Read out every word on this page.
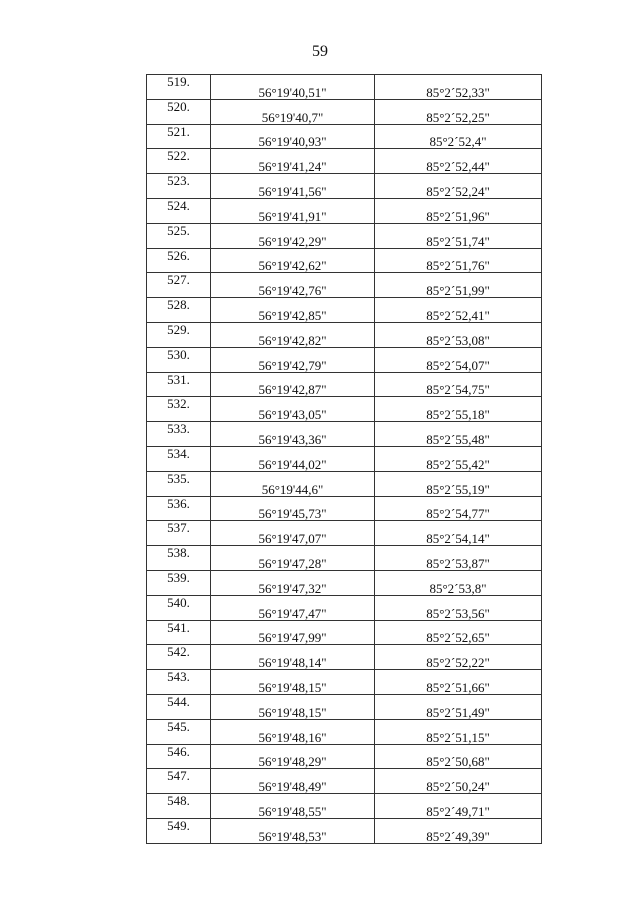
59
519.	56°19'40,51"	85°2´52,33"
520.	56°19'40,7"	85°2´52,25"
521.	56°19'40,93"	85°2´52,4"
522.	56°19'41,24"	85°2´52,44"
523.	56°19'41,56"	85°2´52,24"
524.	56°19'41,91"	85°2´51,96"
525.	56°19'42,29"	85°2´51,74"
526.	56°19'42,62"	85°2´51,76"
527.	56°19'42,76"	85°2´51,99"
528.	56°19'42,85"	85°2´52,41"
529.	56°19'42,82"	85°2´53,08"
530.	56°19'42,79"	85°2´54,07"
531.	56°19'42,87"	85°2´54,75"
532.	56°19'43,05"	85°2´55,18"
533.	56°19'43,36"	85°2´55,48"
534.	56°19'44,02"	85°2´55,42"
535.	56°19'44,6"	85°2´55,19"
536.	56°19'45,73"	85°2´54,77"
537.	56°19'47,07"	85°2´54,14"
538.	56°19'47,28"	85°2´53,87"
539.	56°19'47,32"	85°2´53,8"
540.	56°19'47,47"	85°2´53,56"
541.	56°19'47,99"	85°2´52,65"
542.	56°19'48,14"	85°2´52,22"
543.	56°19'48,15"	85°2´51,66"
544.	56°19'48,15"	85°2´51,49"
545.	56°19'48,16"	85°2´51,15"
546.	56°19'48,29"	85°2´50,68"
547.	56°19'48,49"	85°2´50,24"
548.	56°19'48,55"	85°2´49,71"
549.	56°19'48,53"	85°2´49,39"
